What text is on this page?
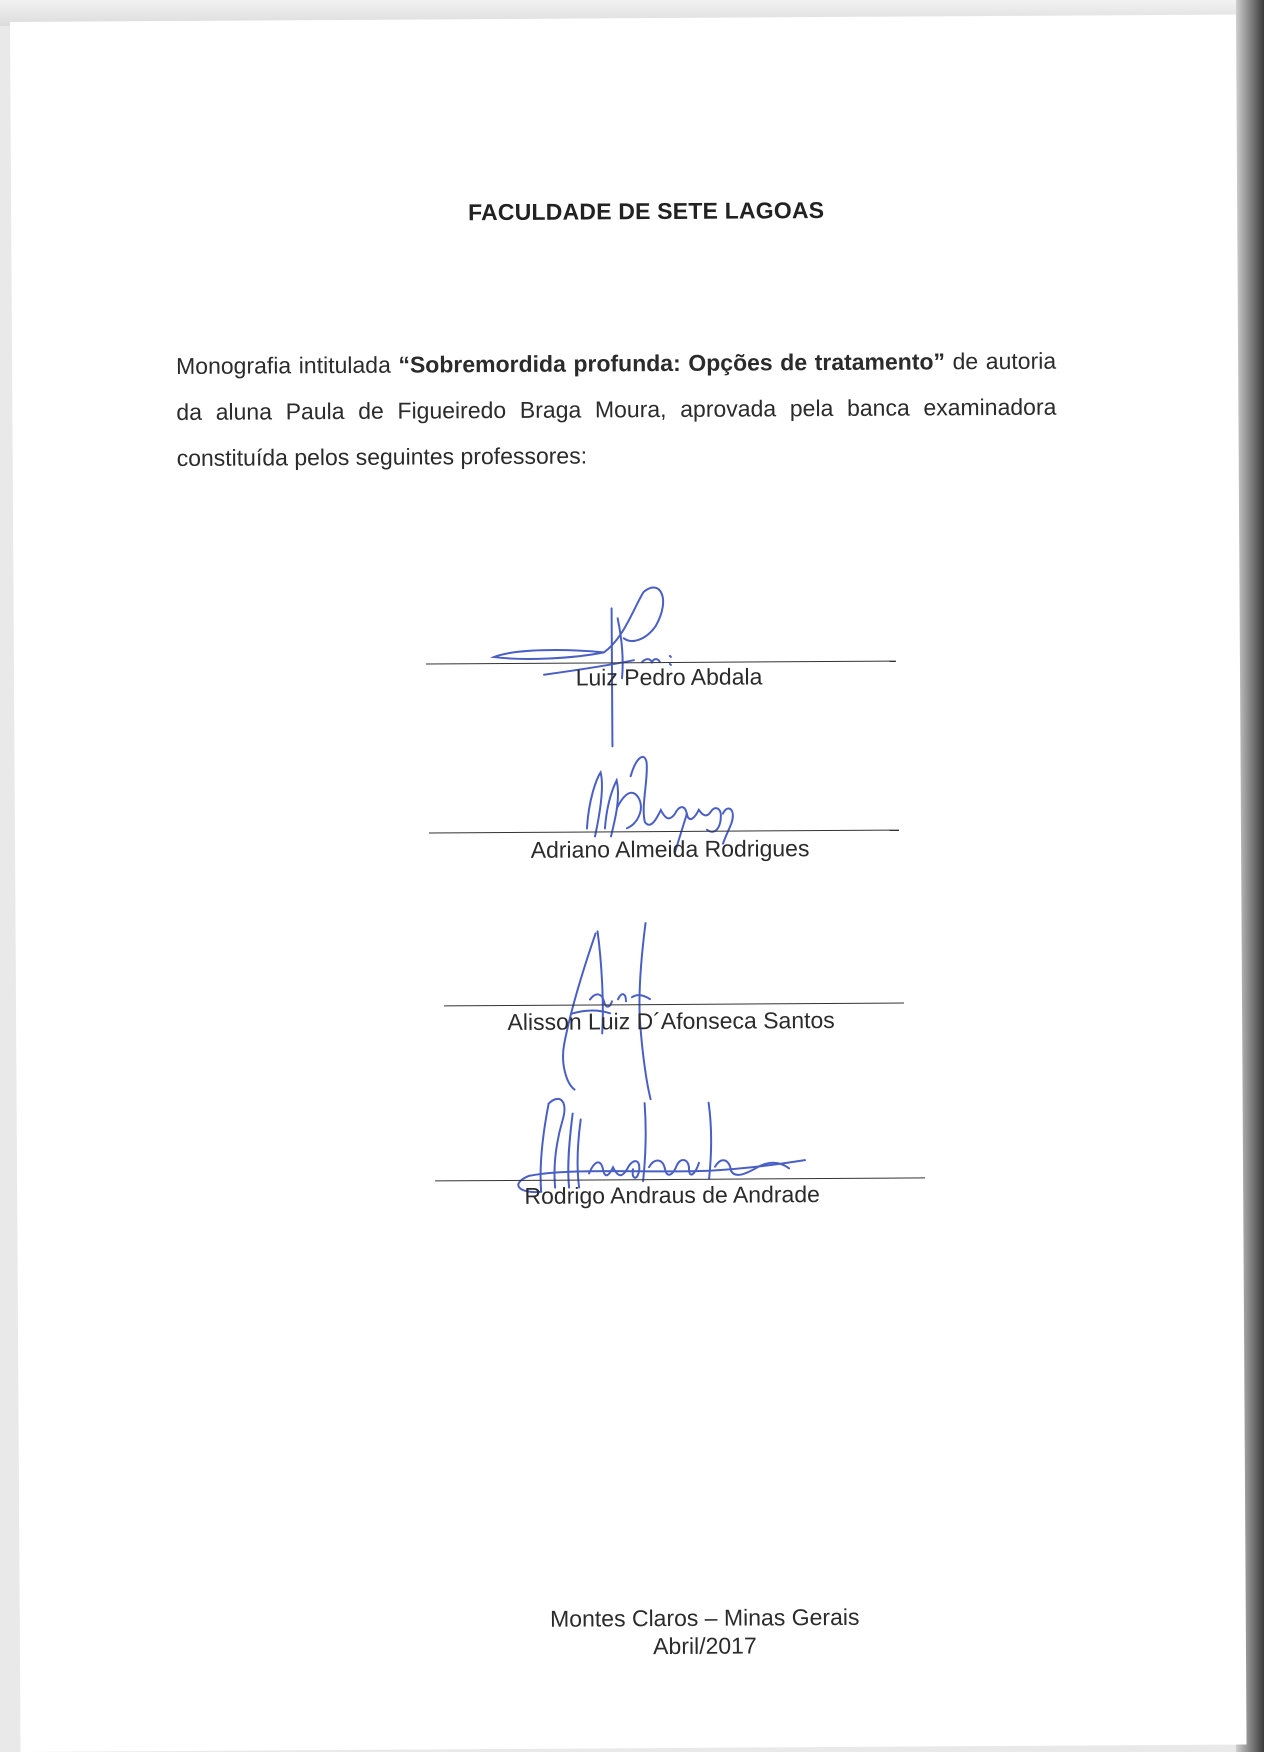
FACULDADE DE SETE LAGOAS
Monografia intitulada “Sobremordida profunda: Opções de tratamento” de autoria da aluna Paula de Figueiredo Braga Moura, aprovada pela banca examinadora constituída pelos seguintes professores:
Luiz Pedro Abdala
Adriano Almeida Rodrigues
Alisson Luiz D´Afonseca Santos
Rodrigo Andraus de Andrade
Montes Claros – Minas Gerais
Abril/2017
